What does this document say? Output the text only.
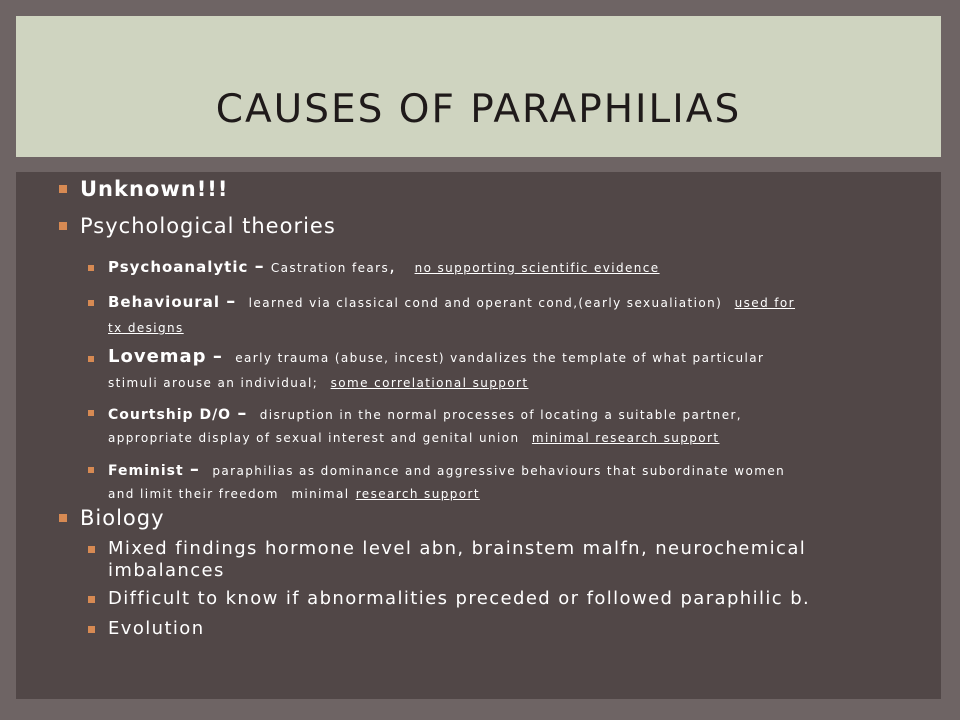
CAUSES OF PARAPHILIAS
Unknown!!!
Psychological theories
Psychoanalytic – Castration fears, no supporting scientific evidence
Behavioural – learned via classical cond and operant cond,(early sexualiation) used for
tx designs
Lovemap – early trauma (abuse, incest) vandalizes the template of what particular
stimuli arouse an individual; some correlational support
Courtship D/O – disruption in the normal processes of locating a suitable partner,
appropriate display of sexual interest and genital union minimal research support
Feminist – paraphilias as dominance and aggressive behaviours that subordinate women
and limit their freedom minimal research support
Biology
Mixed findings hormone level abn, brainstem malfn, neurochemical
imbalances
Difficult to know if abnormalities preceded or followed paraphilic b.
Evolution
